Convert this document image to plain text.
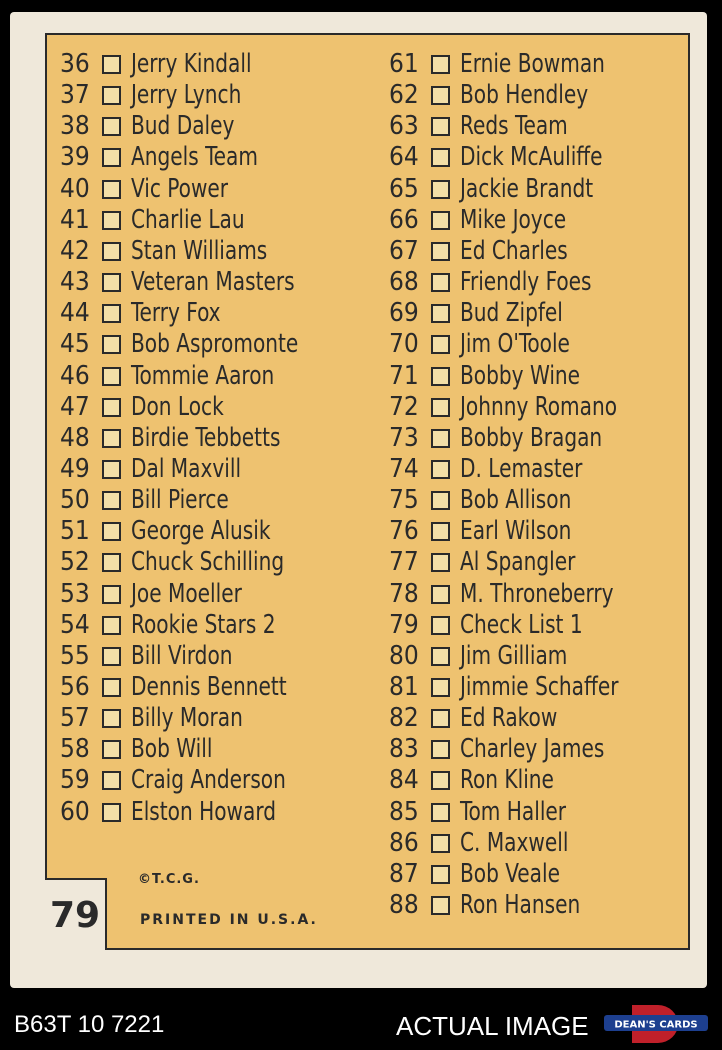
36	Jerry Kindall
37	Jerry Lynch
38	Bud Daley
39	Angels Team
40	Vic Power
41	Charlie Lau
42	Stan Williams
43	Veteran Masters
44	Terry Fox
45	Bob Aspromonte
46	Tommie Aaron
47	Don Lock
48	Birdie Tebbetts
49	Dal Maxvill
50	Bill Pierce
51	George Alusik
52	Chuck Schilling
53	Joe Moeller
54	Rookie Stars 2
55	Bill Virdon
56	Dennis Bennett
57	Billy Moran
58	Bob Will
59	Craig Anderson
60	Elston Howard
61	Ernie Bowman
62	Bob Hendley
63	Reds Team
64	Dick McAuliffe
65	Jackie Brandt
66	Mike Joyce
67	Ed Charles
68	Friendly Foes
69	Bud Zipfel
70	Jim O'Toole
71	Bobby Wine
72	Johnny Romano
73	Bobby Bragan
74	D. Lemaster
75	Bob Allison
76	Earl Wilson
77	Al Spangler
78	M. Throneberry
79	Check List 1
80	Jim Gilliam
81	Jimmie Schaffer
82	Ed Rakow
83	Charley James
84	Ron Kline
85	Tom Haller
86	C. Maxwell
87	Bob Veale
88	Ron Hansen
©T.C.G.
PRINTED IN U.S.A.
79
B63T 10 7221	ACTUAL IMAGE	DEAN'S CARDS
